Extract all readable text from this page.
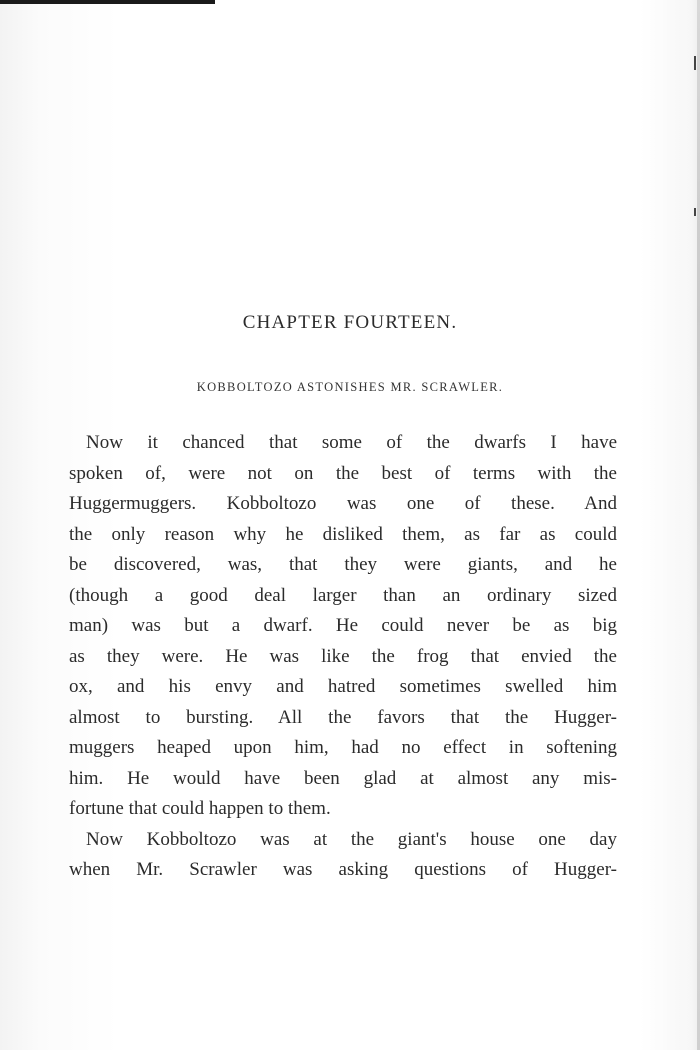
CHAPTER FOURTEEN.
KOBBOLTOZO ASTONISHES MR. SCRAWLER.
Now it chanced that some of the dwarfs I have
spoken of, were not on the best of terms with the
Huggermuggers. Kobboltozo was one of these. And
the only reason why he disliked them, as far as could
be discovered, was, that they were giants, and he
(though a good deal larger than an ordinary sized
man) was but a dwarf. He could never be as big
as they were. He was like the frog that envied the
ox, and his envy and hatred sometimes swelled him
almost to bursting. All the favors that the Hugger-
muggers heaped upon him, had no effect in softening
him. He would have been glad at almost any mis-
fortune that could happen to them.
Now Kobboltozo was at the giant's house one day
when Mr. Scrawler was asking questions of Hugger-
